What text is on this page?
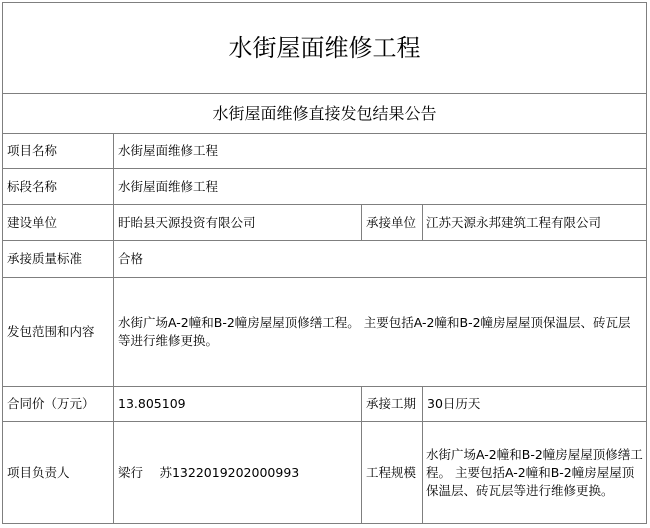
水街屋面维修工程
水街屋面维修直接发包结果公告
项目名称	水街屋面维修工程
标段名称	水街屋面维修工程
建设单位	盱眙县天源投资有限公司	承接单位 江苏天源永邦建筑工程有限公司
承接质量标准	合格
发包范围和内容
水街广场A-2幢和B-2幢房屋屋顶修缮工程。 主要包括A-2幢和B-2幢房屋屋顶保温层、砖瓦层等进行维修更换。
合同价（万元）	13.805109	承接工期 30日历天
项目负责人	梁行　 苏1322019202000993	工程规模
水街广场A-2幢和B-2幢房屋屋顶修缮工程。 主要包括A-2幢和B-2幢房屋屋顶保温层、砖瓦层等进行维修更换。
